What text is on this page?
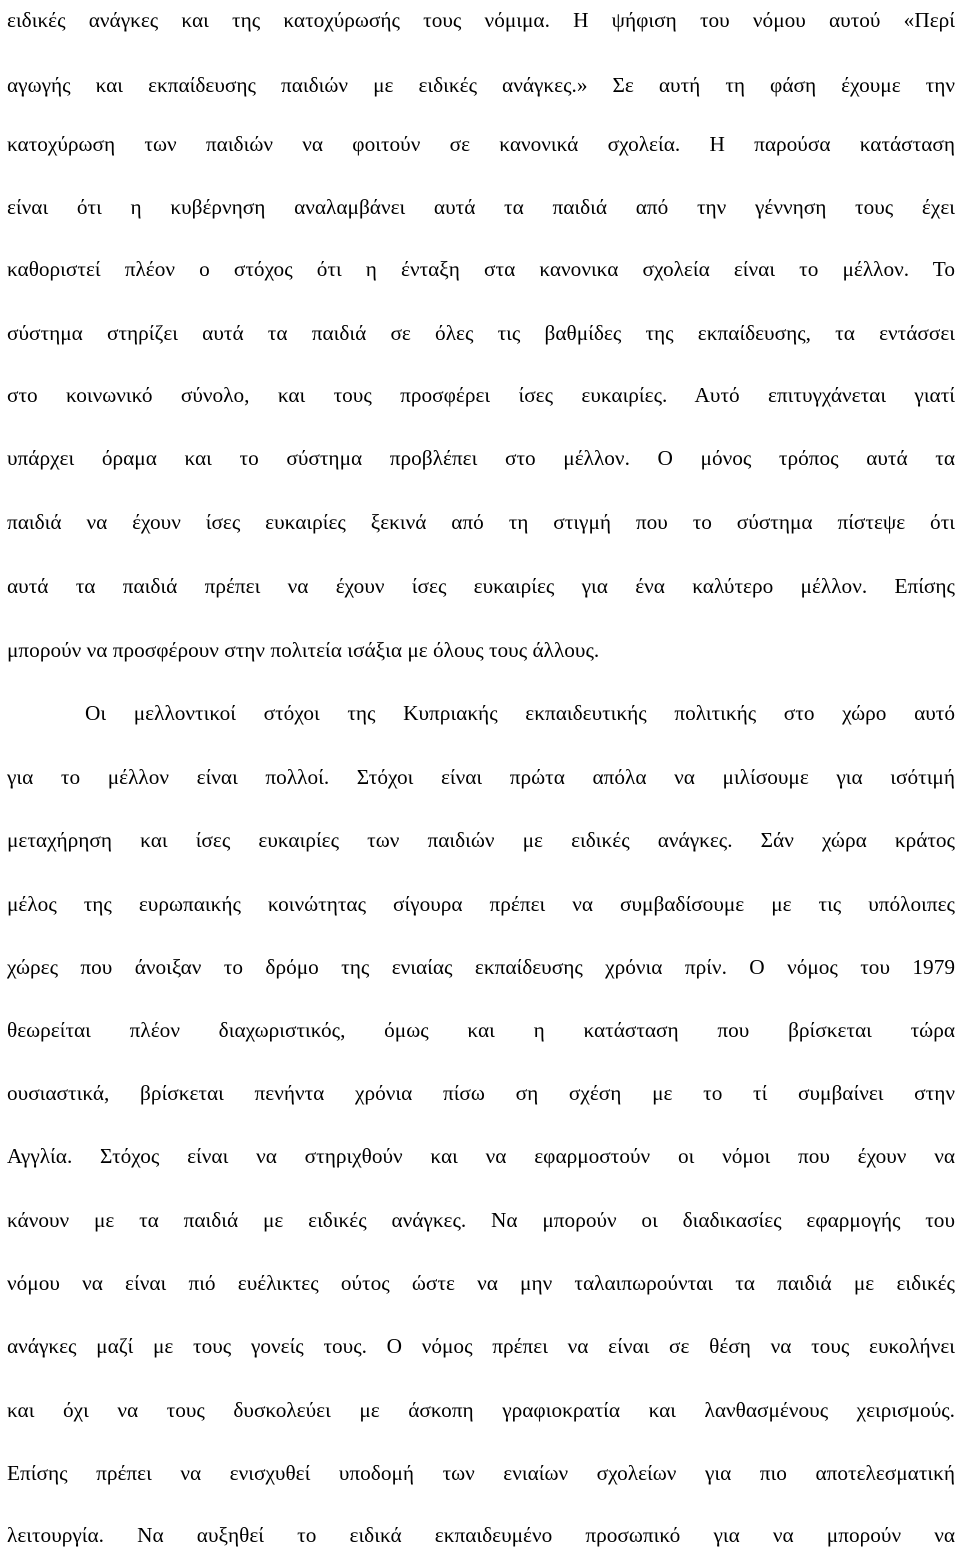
ειδικές ανάγκες και της κατοχύρωσής τους νόμιμα. Η ψήφιση του νόμου αυτού «Περί
αγωγής και εκπαίδευσης παιδιών με ειδικές ανάγκες.» Σε αυτή τη φάση έχουμε την
κατοχύρωση των παιδιών να φοιτούν σε κανονικά σχολεία. Η παρούσα κατάσταση
είναι ότι η κυβέρνηση αναλαμβάνει αυτά τα παιδιά από την γέννηση τους έχει
καθοριστεί πλέον ο στόχος ότι η ένταξη στα κανονικα σχολεία είναι το μέλλον. Το
σύστημα στηρίζει αυτά τα παιδιά σε όλες τις βαθμίδες της εκπαίδευσης, τα εντάσσει
στο κοινωνικό σύνολο, και τους προσφέρει ίσες ευκαιρίες. Αυτό επιτυγχάνεται γιατί
υπάρχει όραμα και το σύστημα προβλέπει στο μέλλον. Ο μόνος τρόπος αυτά τα
παιδιά να έχουν ίσες ευκαιρίες ξεκινά από τη στιγμή που το σύστημα πίστεψε ότι
αυτά τα παιδιά πρέπει να έχουν ίσες ευκαιρίες για ένα καλύτερο μέλλον. Επίσης
μπορούν να προσφέρουν στην πολιτεία ισάξια με όλους τους άλλους.
Οι μελλοντικοί στόχοι της Κυπριακής εκπαιδευτικής πολιτικής στο χώρο αυτό
για το μέλλον είναι πολλοί. Στόχοι είναι πρώτα απόλα να μιλίσουμε για ισότιμή
μεταχήρηση και ίσες ευκαιρίες των παιδιών με ειδικές ανάγκες. Σάν χώρα κράτος
μέλος της ευρωπαικής κοινώτητας σίγουρα πρέπει να συμβαδίσουμε με τις υπόλοιπες
χώρες που άνοιξαν το δρόμο της ενιαίας εκπαίδευσης χρόνια πρίν. Ο νόμος του 1979
θεωρείται πλέον διαχωριστικός, όμως και η κατάσταση που βρίσκεται τώρα
ουσιαστικά, βρίσκεται πενήντα χρόνια πίσω ση σχέση με το τί συμβαίνει στην
Αγγλία. Στόχος είναι να στηριχθούν και να εφαρμοστούν οι νόμοι που έχουν να
κάνουν με τα παιδιά με ειδικές ανάγκες. Να μπορούν οι διαδικασίες εφαρμογής του
νόμου να είναι πιό ευέλικτες ούτος ώστε να μην ταλαιπωρούνται τα παιδιά με ειδικές
ανάγκες μαζί με τους γονείς τους. Ο νόμος πρέπει να είναι σε θέση να τους ευκολήνει
και όχι να τους δυσκολεύει με άσκοπη γραφιοκρατία και λανθασμένους χειρισμούς.
Επίσης πρέπει να ενισχυθεί υποδομή των ενιαίων σχολείων για πιο αποτελεσματική
λειτουργία. Να αυξηθεί το ειδικά εκπαιδευμένο προσωπικό για να μπορούν να
